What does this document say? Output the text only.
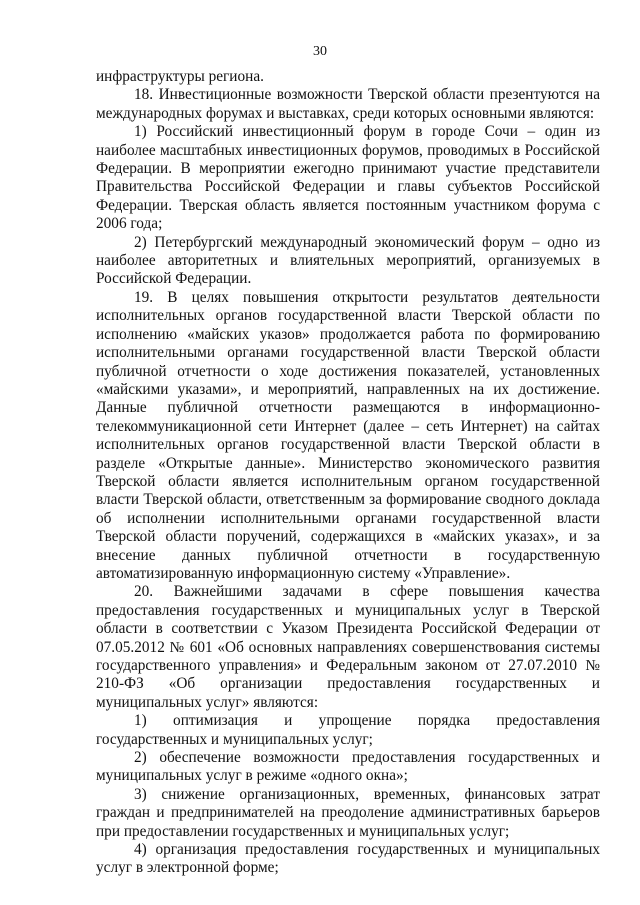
30

инфраструктуры региона.

18. Инвестиционные возможности Тверской области презентуются на международных форумах и выставках, среди которых основными являются:

1) Российский инвестиционный форум в городе Сочи – один из наиболее масштабных инвестиционных форумов, проводимых в Российской Федерации. В мероприятии ежегодно принимают участие представители Правительства Российской Федерации и главы субъектов Российской Федерации. Тверская область является постоянным участником форума с 2006 года;

2) Петербургский международный экономический форум – одно из наиболее авторитетных и влиятельных мероприятий, организуемых в Российской Федерации.

19. В целях повышения открытости результатов деятельности исполнительных органов государственной власти Тверской области по исполнению «майских указов» продолжается работа по формированию исполнительными органами государственной власти Тверской области публичной отчетности о ходе достижения показателей, установленных «майскими указами», и мероприятий, направленных на их достижение. Данные публичной отчетности размещаются в информационно-телекоммуникационной сети Интернет (далее – сеть Интернет) на сайтах исполнительных органов государственной власти Тверской области в разделе «Открытые данные». Министерство экономического развития Тверской области является исполнительным органом государственной власти Тверской области, ответственным за формирование сводного доклада об исполнении исполнительными органами государственной власти Тверской области поручений, содержащихся в «майских указах», и за внесение данных публичной отчетности в государственную автоматизированную информационную систему «Управление».

20. Важнейшими задачами в сфере повышения качества предоставления государственных и муниципальных услуг в Тверской области в соответствии с Указом Президента Российской Федерации от 07.05.2012 № 601 «Об основных направлениях совершенствования системы государственного управления» и Федеральным законом от 27.07.2010 № 210-ФЗ «Об организации предоставления государственных и муниципальных услуг» являются:

1) оптимизация и упрощение порядка предоставления государственных и муниципальных услуг;

2) обеспечение возможности предоставления государственных и муниципальных услуг в режиме «одного окна»;

3) снижение организационных, временных, финансовых затрат граждан и предпринимателей на преодоление административных барьеров при предоставлении государственных и муниципальных услуг;

4) организация предоставления государственных и муниципальных услуг в электронной форме;
